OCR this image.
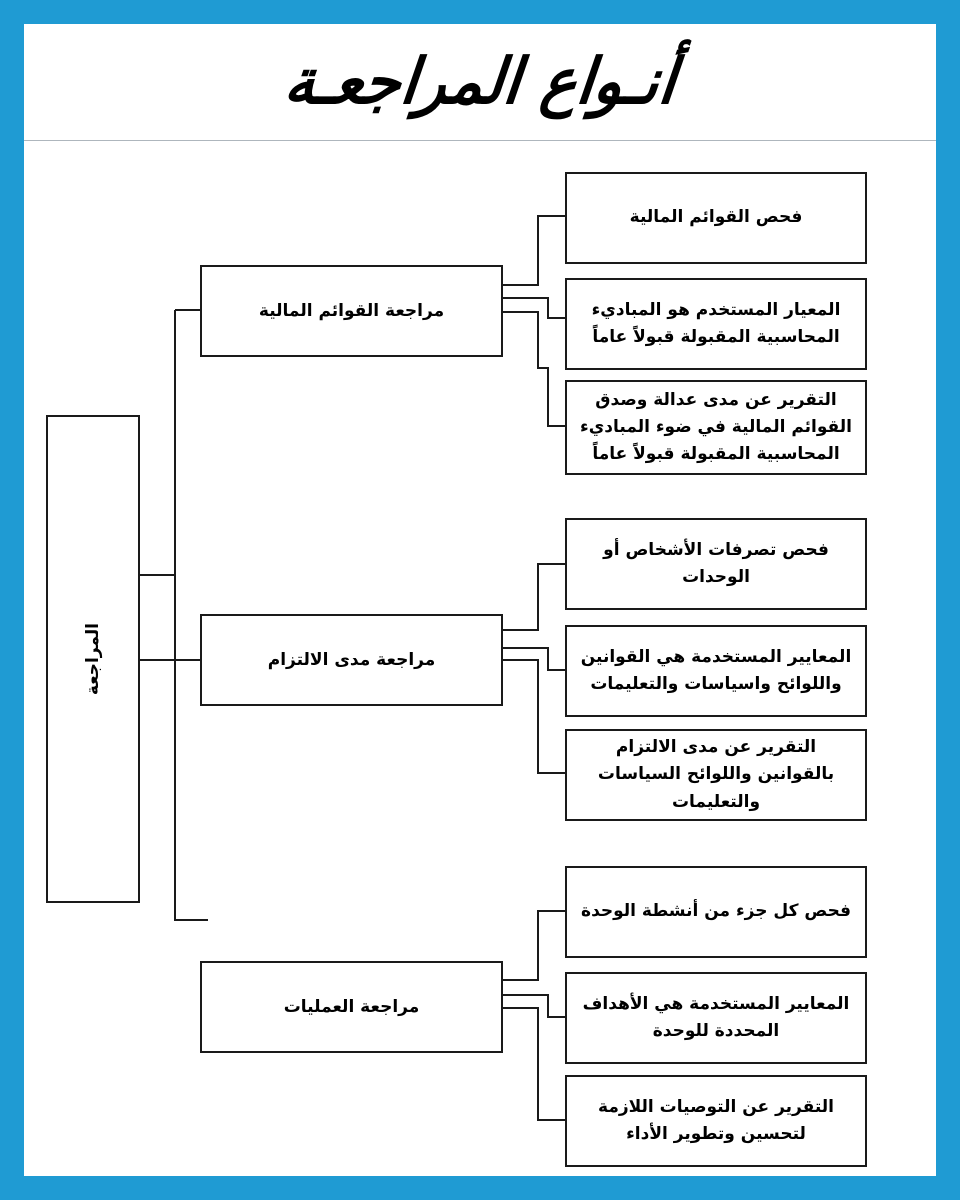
أنـواع المراجعـة
المراجعة
مراجعة القوائم المالية
مراجعة مدى الالتزام
مراجعة العمليات
فحص القوائم المالية
المعيار المستخدم هو المباديء المحاسبية المقبولة قبولاً عاماً
التقرير عن مدى عدالة وصدق القوائم المالية في ضوء المباديء المحاسبية المقبولة قبولاً عاماً
فحص تصرفات الأشخاص أو الوحدات
المعايير المستخدمة هي القوانين واللوائح واسياسات والتعليمات
التقرير عن مدى الالتزام بالقوانين واللوائح السياسات والتعليمات
فحص كل جزء من أنشطة الوحدة
المعايير المستخدمة هي الأهداف المحددة للوحدة
التقرير عن التوصيات اللازمة لتحسين وتطوير الأداء
